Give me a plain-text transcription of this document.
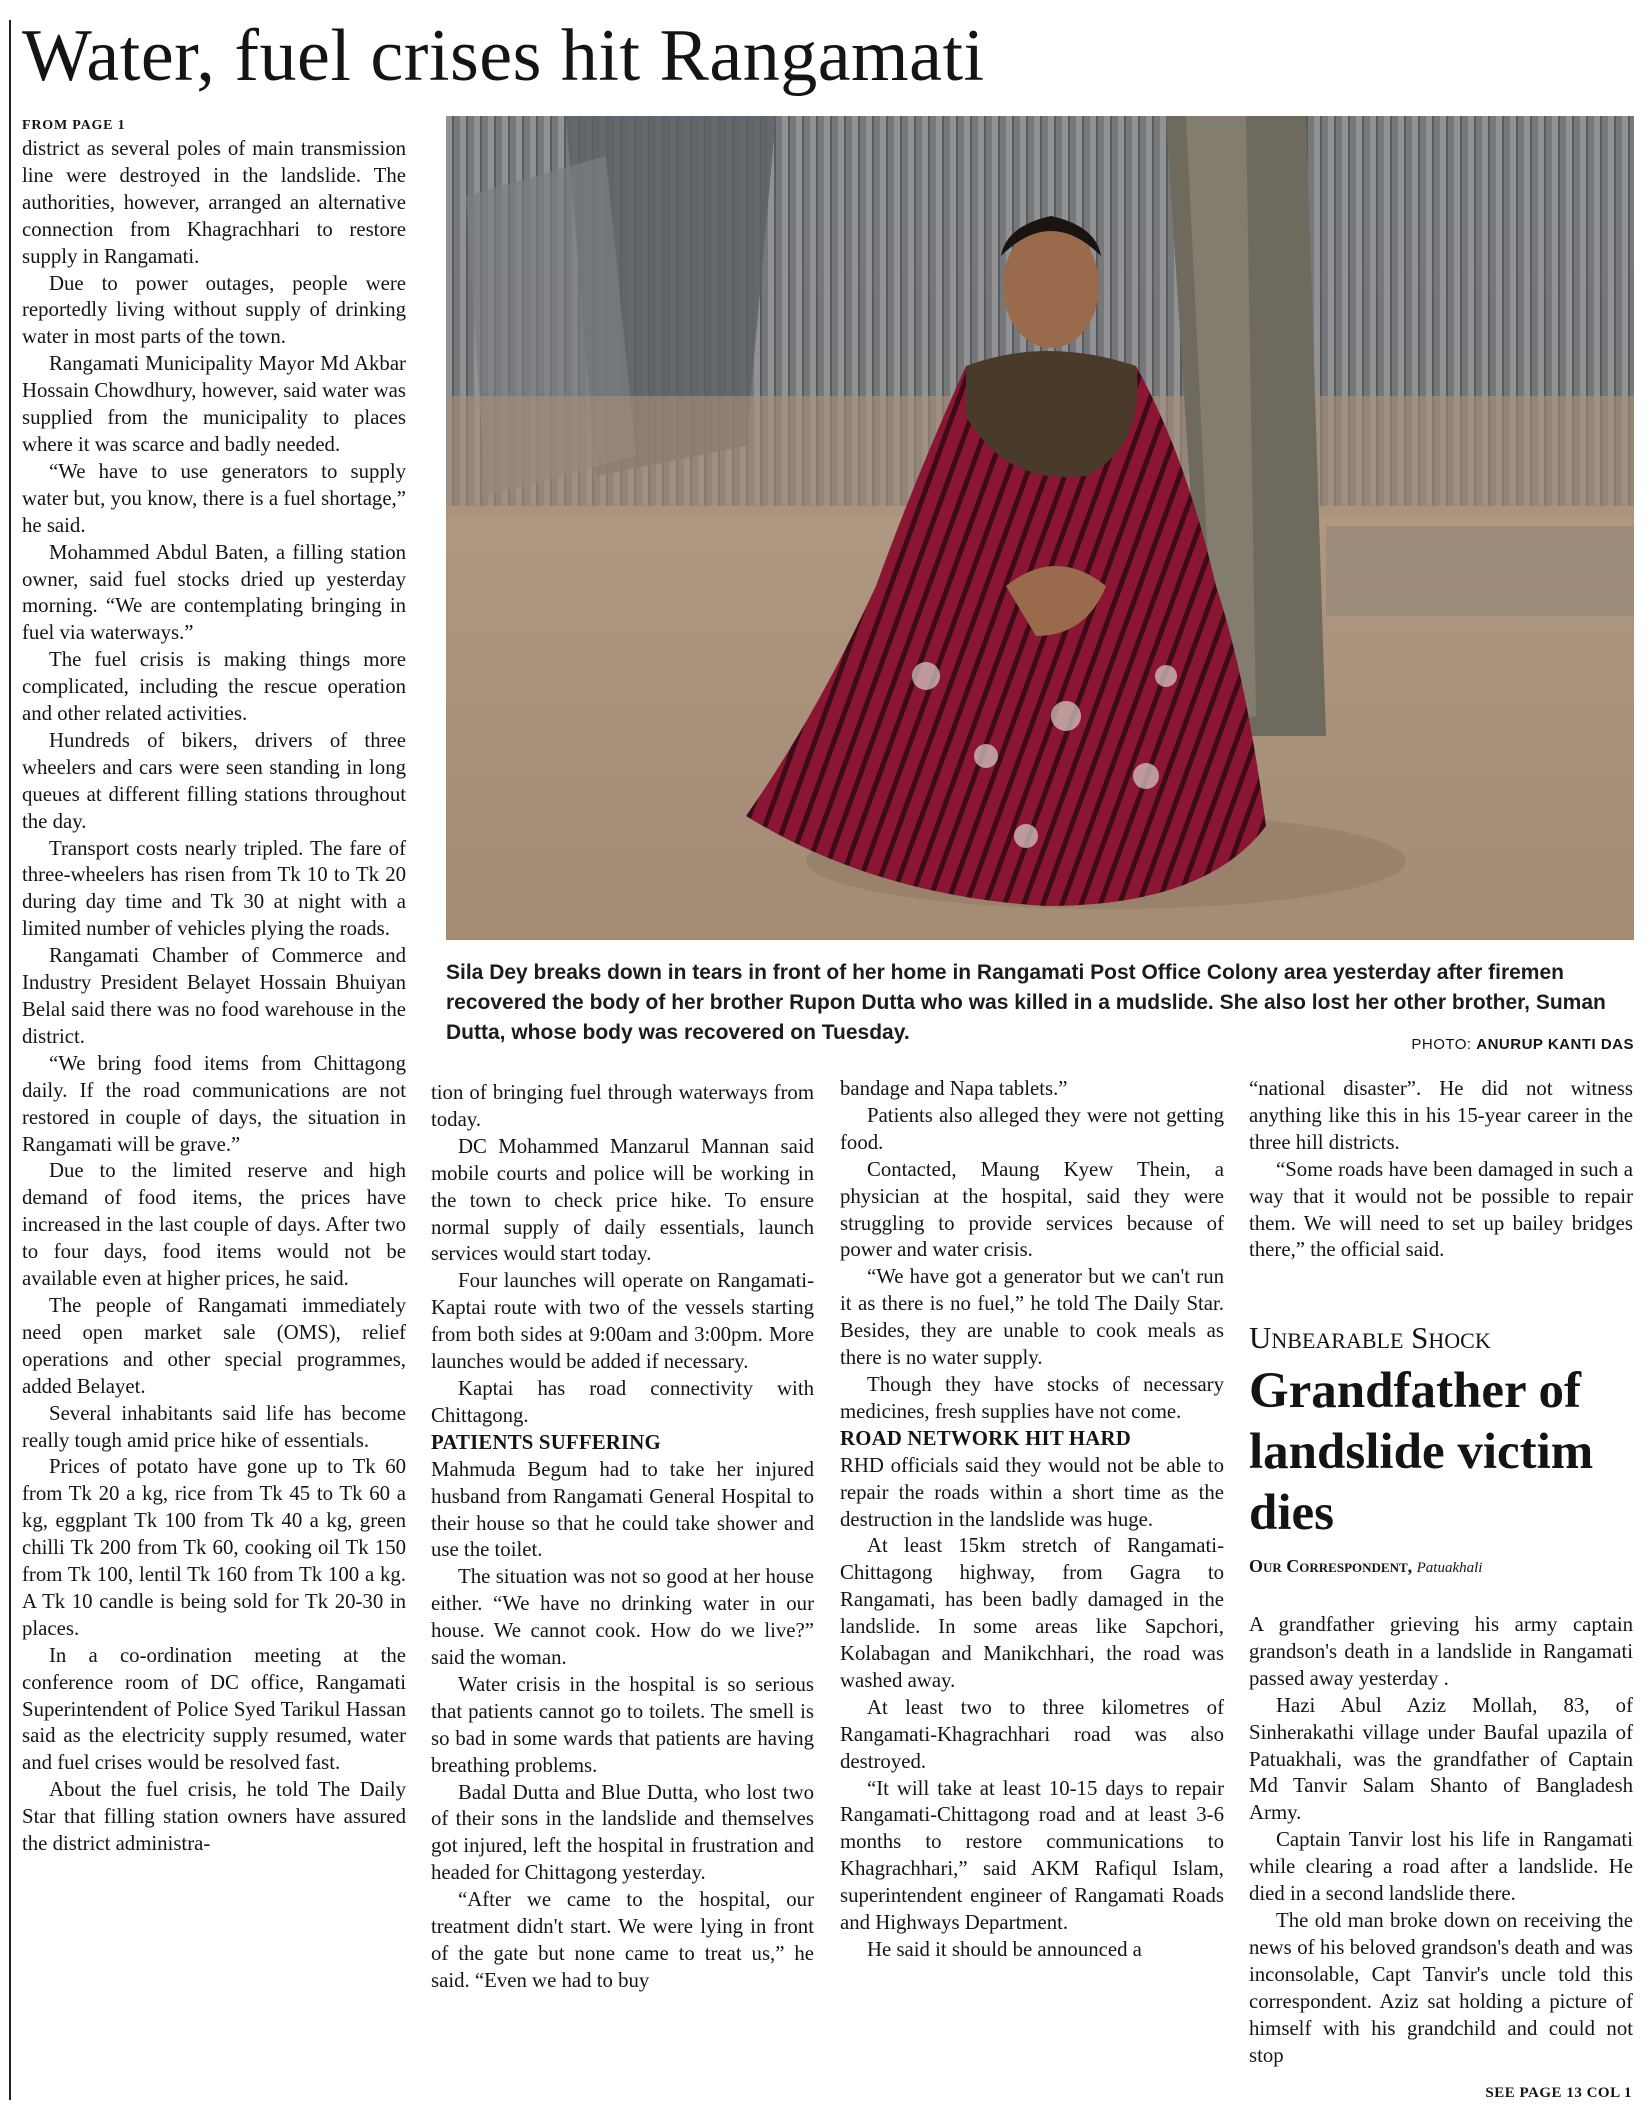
Water, fuel crises hit Rangamati

FROM PAGE 1

district as several poles of main transmission line were destroyed in the landslide. The authorities, however, arranged an alternative connection from Khagrachhari to restore supply in Rangamati.

Due to power outages, people were reportedly living without supply of drinking water in most parts of the town.

Rangamati Municipality Mayor Md Akbar Hossain Chowdhury, however, said water was supplied from the municipality to places where it was scarce and badly needed.

“We have to use generators to supply water but, you know, there is a fuel shortage,” he said.

Mohammed Abdul Baten, a filling station owner, said fuel stocks dried up yesterday morning. “We are contemplating bringing in fuel via waterways.”

The fuel crisis is making things more complicated, including the rescue operation and other related activities.

Hundreds of bikers, drivers of three wheelers and cars were seen standing in long queues at different filling stations throughout the day.

Transport costs nearly tripled. The fare of three-wheelers has risen from Tk 10 to Tk 20 during day time and Tk 30 at night with a limited number of vehicles plying the roads.

Rangamati Chamber of Commerce and Industry President Belayet Hossain Bhuiyan Belal said there was no food warehouse in the district.

“We bring food items from Chittagong daily. If the road communications are not restored in couple of days, the situation in Rangamati will be grave.”

Due to the limited reserve and high demand of food items, the prices have increased in the last couple of days. After two to four days, food items would not be available even at higher prices, he said.

The people of Rangamati immediately need open market sale (OMS), relief operations and other special programmes, added Belayet.

Several inhabitants said life has become really tough amid price hike of essentials.

Prices of potato have gone up to Tk 60 from Tk 20 a kg, rice from Tk 45 to Tk 60 a kg, eggplant Tk 100 from Tk 40 a kg, green chilli Tk 200 from Tk 60, cooking oil Tk 150 from Tk 100, lentil Tk 160 from Tk 100 a kg. A Tk 10 candle is being sold for Tk 20-30 in places.

In a co-ordination meeting at the conference room of DC office, Rangamati Superintendent of Police Syed Tarikul Hassan said as the electricity supply resumed, water and fuel crises would be resolved fast.

About the fuel crisis, he told The Daily Star that filling station owners have assured the district administra-

Sila Dey breaks down in tears in front of her home in Rangamati Post Office Colony area yesterday after firemen recovered the body of her brother Rupon Dutta who was killed in a mudslide. She also lost her other brother, Suman Dutta, whose body was recovered on Tuesday.

PHOTO: ANURUP KANTI DAS

tion of bringing fuel through waterways from today.

DC Mohammed Manzarul Mannan said mobile courts and police will be working in the town to check price hike. To ensure normal supply of daily essentials, launch services would start today.

Four launches will operate on Rangamati-Kaptai route with two of the vessels starting from both sides at 9:00am and 3:00pm. More launches would be added if necessary.

Kaptai has road connectivity with Chittagong.

PATIENTS SUFFERING

Mahmuda Begum had to take her injured husband from Rangamati General Hospital to their house so that he could take shower and use the toilet.

The situation was not so good at her house either. “We have no drinking water in our house. We cannot cook. How do we live?” said the woman.

Water crisis in the hospital is so serious that patients cannot go to toilets. The smell is so bad in some wards that patients are having breathing problems.

Badal Dutta and Blue Dutta, who lost two of their sons in the landslide and themselves got injured, left the hospital in frustration and headed for Chittagong yesterday.

“After we came to the hospital, our treatment didn't start. We were lying in front of the gate but none came to treat us,” he said. “Even we had to buy

bandage and Napa tablets.”

Patients also alleged they were not getting food.

Contacted, Maung Kyew Thein, a physician at the hospital, said they were struggling to provide services because of power and water crisis.

“We have got a generator but we can't run it as there is no fuel,” he told The Daily Star. Besides, they are unable to cook meals as there is no water supply.

Though they have stocks of necessary medicines, fresh supplies have not come.

ROAD NETWORK HIT HARD

RHD officials said they would not be able to repair the roads within a short time as the destruction in the landslide was huge.

At least 15km stretch of Rangamati-Chittagong highway, from Gagra to Rangamati, has been badly damaged in the landslide. In some areas like Sapchori, Kolabagan and Manikchhari, the road was washed away.

At least two to three kilometres of Rangamati-Khagrachhari road was also destroyed.

“It will take at least 10-15 days to repair Rangamati-Chittagong road and at least 3-6 months to restore communications to Khagrachhari,” said AKM Rafiqul Islam, superintendent engineer of Rangamati Roads and Highways Department.

He said it should be announced a

“national disaster”. He did not witness anything like this in his 15-year career in the three hill districts.

“Some roads have been damaged in such a way that it would not be possible to repair them. We will need to set up bailey bridges there,” the official said.

Unbearable Shock
Grandfather of landslide victim dies

Our Correspondent, Patuakhali

A grandfather grieving his army captain grandson's death in a landslide in Rangamati passed away yesterday .

Hazi Abul Aziz Mollah, 83, of Sinherakathi village under Baufal upazila of Patuakhali, was the grandfather of Captain Md Tanvir Salam Shanto of Bangladesh Army.

Captain Tanvir lost his life in Rangamati while clearing a road after a landslide. He died in a second landslide there.

The old man broke down on receiving the news of his beloved grandson's death and was inconsolable, Capt Tanvir's uncle told this correspondent. Aziz sat holding a picture of himself with his grandchild and could not stop

SEE PAGE 13 COL 1
